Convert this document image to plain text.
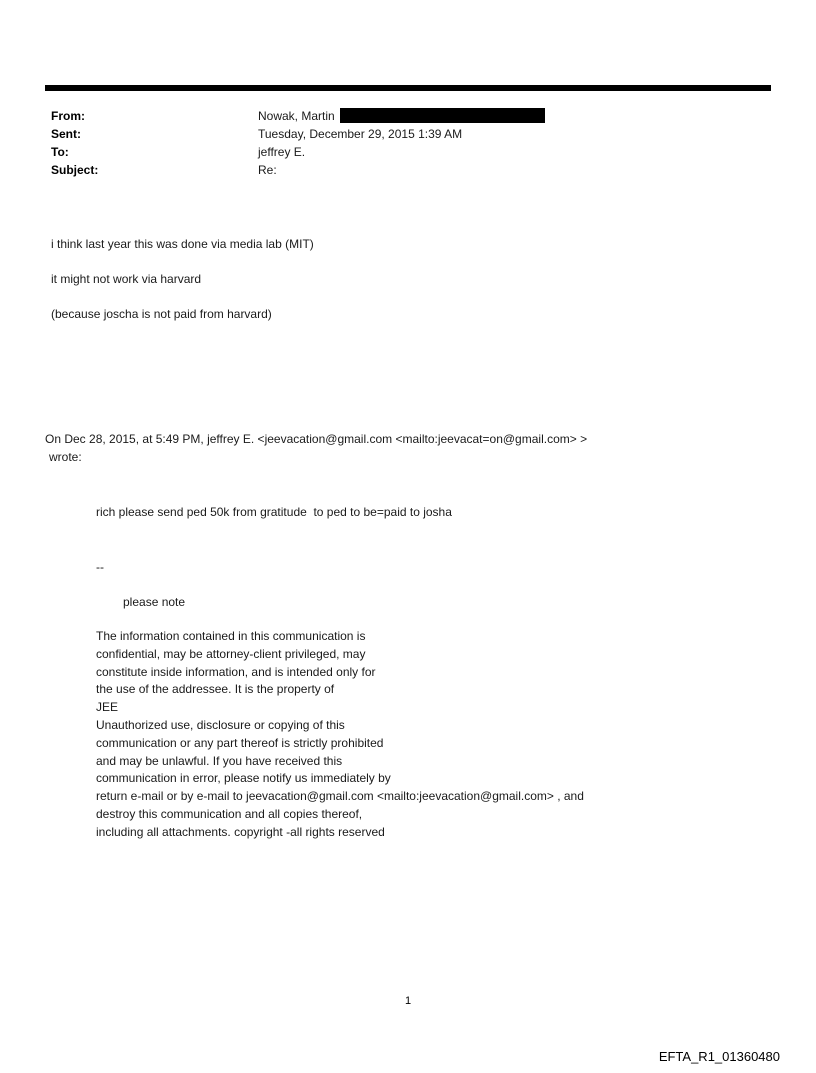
From:	Nowak, Martin
Sent:	Tuesday, December 29, 2015 1:39 AM
To:	jeffrey E.
Subject:	Re:
i think last year this was done via media lab (MIT)
it might not work via harvard
(because joscha is not paid from harvard)
On Dec 28, 2015, at 5:49 PM, jeffrey E. <jeevacation@gmail.com <mailto:jeevacat=on@gmail.com> >
wrote:
rich please send ped 50k from gratitude  to ped to be=paid to josha
--
please note
The information contained in this communication is
confidential, may be attorney-client privileged, may
constitute inside information, and is intended only for
the use of the addressee. It is the property of
JEE
Unauthorized use, disclosure or copying of this
communication or any part thereof is strictly prohibited
and may be unlawful. If you have received this
communication in error, please notify us immediately by
return e-mail or by e-mail to jeevacation@gmail.com <mailto:jeevacation@gmail.com> , and
destroy this communication and all copies thereof,
including all attachments. copyright -all rights reserved
1
EFTA_R1_01360480
